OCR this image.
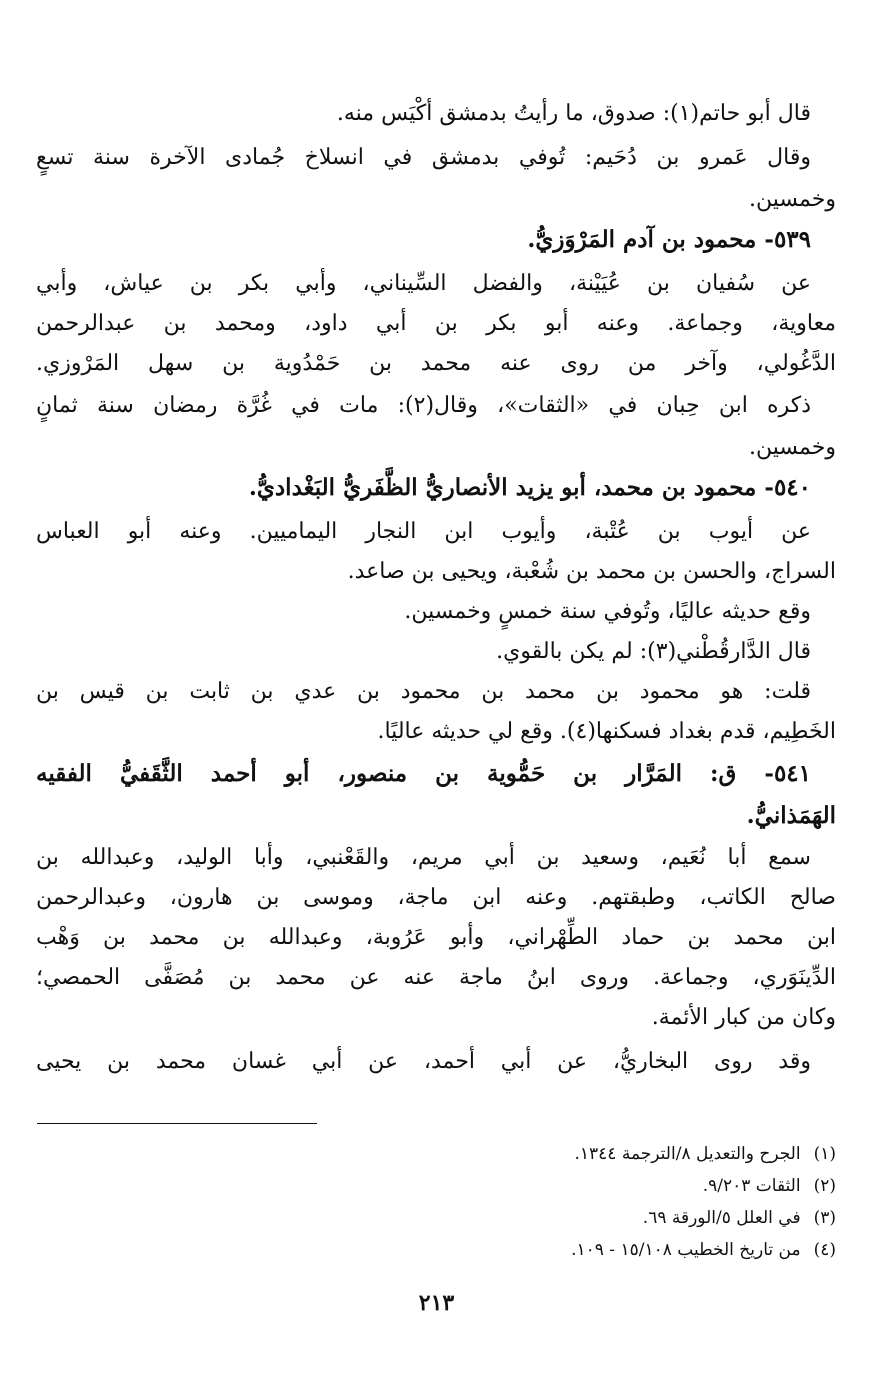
قال أبو حاتم(١): صدوق، ما رأيتُ بدمشق أكْيَس منه.
وقال عَمرو بن دُحَيم: تُوفي بدمشق في انسلاخ جُمادى الآخرة سنة تسعٍ
وخمسين.
٥٣٩- محمود بن آدم المَرْوَزيُّ.
عن سُفيان بن عُيَيْنة، والفضل السِّيناني، وأبي بكر بن عياش، وأبي
معاوية، وجماعة. وعنه أبو بكر بن أبي داود، ومحمد بن عبدالرحمن
الدَّغُولي، وآخر من روى عنه محمد بن حَمْدُوية بن سهل المَرْوزي.
ذكره ابن حِبان في «الثقات»، وقال(٢): مات في غُرَّة رمضان سنة ثمانٍ
وخمسين.
٥٤٠- محمود بن محمد، أبو يزيد الأنصاريُّ الظَّفَريُّ البَغْداديُّ.
عن أيوب بن عُتْبة، وأيوب ابن النجار اليماميين. وعنه أبو العباس
السراج، والحسن بن محمد بن شُعْبة، ويحيى بن صاعد.
وقع حديثه عاليًا، وتُوفي سنة خمسٍ وخمسين.
قال الدَّارقُطْني(٣): لم يكن بالقوي.
قلت: هو محمود بن محمد بن محمود بن عدي بن ثابت بن قيس بن
الخَطِيم، قدم بغداد فسكنها(٤). وقع لي حديثه عاليًا.
٥٤١- ق: المَرَّار بن حَمُّوية بن منصور، أبو أحمد الثَّقَفيُّ الفقيه
الهَمَذانيُّ.
سمع أبا نُعَيم، وسعيد بن أبي مريم، والقَعْنبي، وأبا الوليد، وعبدالله بن
صالح الكاتب، وطبقتهم. وعنه ابن ماجة، وموسى بن هارون، وعبدالرحمن
ابن محمد بن حماد الطِّهْراني، وأبو عَرُوبة، وعبدالله بن محمد بن وَهْب
الدِّينَوَري، وجماعة. وروى ابنُ ماجة عنه عن محمد بن مُصَفَّى الحمصي؛
وكان من كبار الأئمة.
وقد روى البخاريُّ، عن أبي أحمد، عن أبي غسان محمد بن يحيى
(١) الجرح والتعديل ٨/الترجمة ١٣٤٤.
(٢) الثقات ٩/٢٠٣.
(٣) في العلل ٥/الورقة ٦٩.
(٤) من تاريخ الخطيب ١٥/١٠٨ - ١٠٩.
٢١٣
